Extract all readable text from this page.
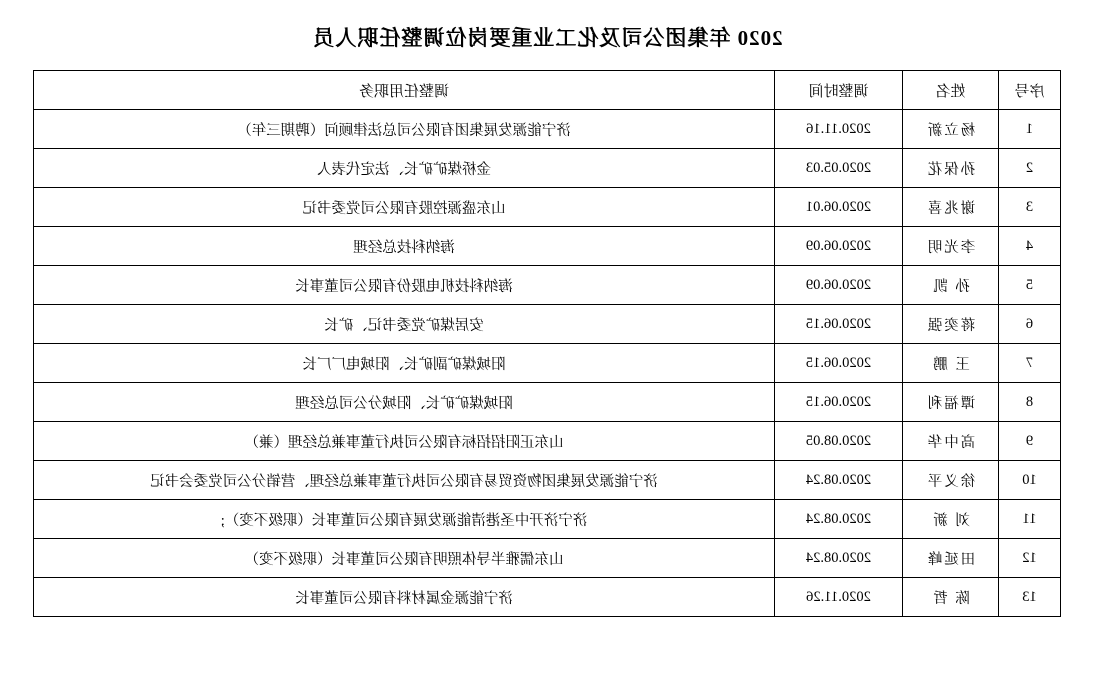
2020 年集团公司及化工业重要岗位调整任职人员
序号	姓名	调整时间	调整任用职务
1	杨立新	2020.11.16	济宁能源发展集团有限公司总法律顾问（聘期三年）
2	孙保花	2020.05.03	金桥煤矿矿长、法定代表人
3	谢兆喜	2020.06.01	山东盛源控股有限公司党委书记
4	李光明	2020.06.09	海纳科技总经理
5	孙 凯	2020.06.09	海纳科技机电股份有限公司董事长
6	蒋奕强	2020.06.15	安居煤矿党委书记、矿长
7	王 鹏	2020.06.15	阳城煤矿副矿长、阳城电厂厂长
8	谭福利	2020.06.15	阳城煤矿矿长、阳城分公司总经理
9	高中华	2020.08.05	山东正阳招招标有限公司执行董事兼总经理（兼）
10	徐义平	2020.08.24	济宁能源发展集团物资贸易有限公司执行董事兼总经理、营销分公司党委会书记
11	刘 新	2020.08.24	济宁济开中圣港清能源发展有限公司董事长（职级不变）;
12	田延峰	2020.08.24	山东儒雅半导体照明有限公司董事长（职级不变）
13	陈 哲	2020.11.26	济宁能源金属材料有限公司董事长
